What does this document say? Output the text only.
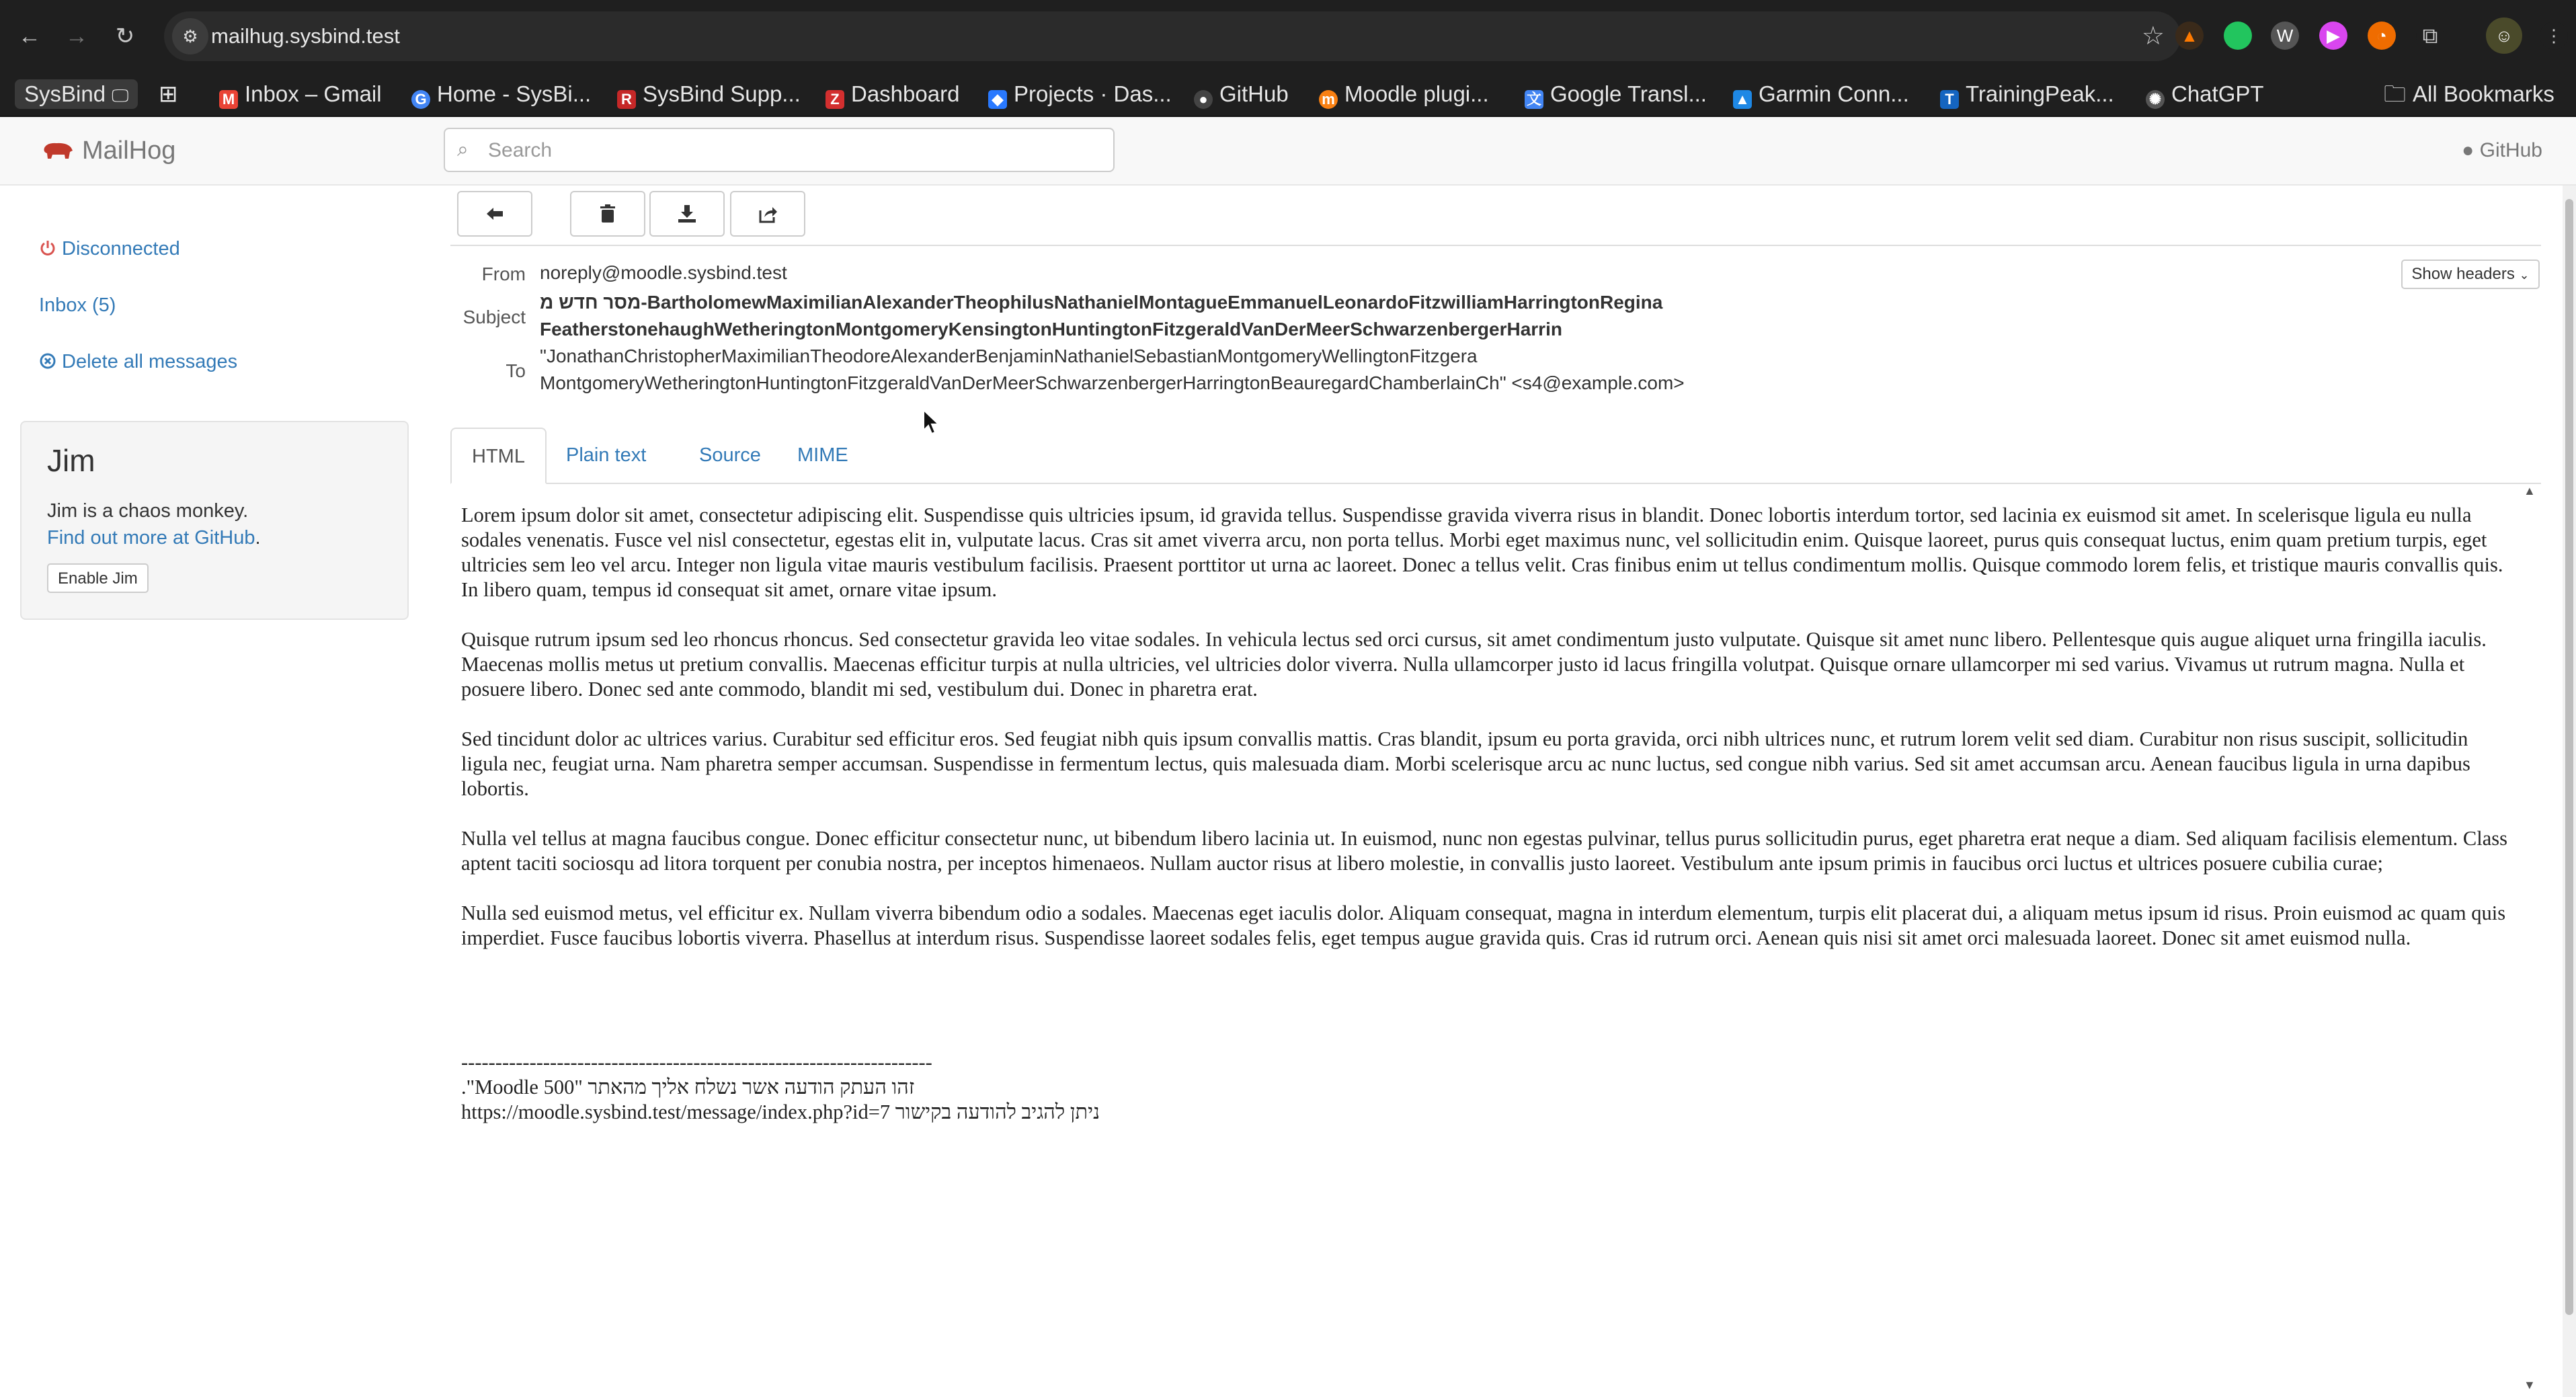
←	→	↻	⚙ mailhug.sysbind.test	☆ ▲	W	▶	◔	⧉	☺	⋮
SysBind 🖵	⊞	M Inbox – Gmail G Home - SysBi... R SysBind Supp...	Z Dashboard ◆ Projects · Das...	● GitHub m Moodle plugi...	文 Google Transl... ▲ Garmin Conn...	T TrainingPeak... ✺ ChatGPT	🗀 All Bookmarks
MailHog	⌕
Search	● GitHub
Disconnected
Inbox (5)
Delete all messages
Jim
Jim is a chaos monkey.
Find out more at GitHub.
Enable Jim
From noreply@moodle.sysbind.test
Subject
מסר חדש מ-BartholomewMaximilianAlexanderTheophilusNathanielMontagueEmmanuelLeonardoFitzwilliamHarringtonRegina
FeatherstonehaughWetheringtonMontgomeryKensingtonHuntingtonFitzgeraldVanDerMeerSchwarzenbergerHarrin
To
"JonathanChristopherMaximilianTheodoreAlexanderBenjaminNathanielSebastianMontgomeryWellingtonFitzgera
MontgomeryWetheringtonHuntingtonFitzgeraldVanDerMeerSchwarzenbergerHarringtonBeauregardChamberlainCh" <s4@example.com>
Show headers ⌄
HTML	Plain text	Source	MIME

Lorem ipsum dolor sit amet, consectetur adipiscing elit. Suspendisse quis ultricies ipsum, id gravida tellus. Suspendisse gravida viverra risus in blandit. Donec lobortis interdum tortor, sed lacinia ex euismod sit amet. In scelerisque ligula eu nulla sodales venenatis. Fusce vel nisl consectetur, egestas elit in, vulputate lacus. Cras sit amet viverra arcu, non porta tellus. Morbi eget maximus nunc, vel sollicitudin enim. Quisque laoreet, purus quis consequat luctus, enim quam pretium turpis, eget ultricies sem leo vel arcu. Integer non ligula vitae mauris vestibulum facilisis. Praesent porttitor ut urna ac laoreet. Donec a tellus velit. Cras finibus enim ut tellus condimentum mollis. Quisque commodo lorem felis, et tristique mauris convallis quis. In libero quam, tempus id consequat sit amet, ornare vitae ipsum.

Quisque rutrum ipsum sed leo rhoncus rhoncus. Sed consectetur gravida leo vitae sodales. In vehicula lectus sed orci cursus, sit amet condimentum justo vulputate. Quisque sit amet nunc libero. Pellentesque quis augue aliquet urna fringilla iaculis. Maecenas mollis metus ut pretium convallis. Maecenas efficitur turpis at nulla ultricies, vel ultricies dolor viverra. Nulla ullamcorper justo id lacus fringilla volutpat. Quisque ornare ullamcorper mi sed varius. Vivamus ut rutrum magna. Nulla et posuere libero. Donec sed ante commodo, blandit mi sed, vestibulum dui. Donec in pharetra erat.

Sed tincidunt dolor ac ultrices varius. Curabitur sed efficitur eros. Sed feugiat nibh quis ipsum convallis mattis. Cras blandit, ipsum eu porta gravida, orci nibh ultrices nunc, et rutrum lorem velit sed diam. Curabitur non risus suscipit, sollicitudin ligula nec, feugiat urna. Nam pharetra semper accumsan. Suspendisse in fermentum lectus, quis malesuada diam. Morbi scelerisque arcu ac nunc luctus, sed congue nibh varius. Sed sit amet accumsan arcu. Aenean faucibus ligula in urna dapibus lobortis.

Nulla vel tellus at magna faucibus congue. Donec efficitur consectetur nunc, ut bibendum libero lacinia ut. In euismod, nunc non egestas pulvinar, tellus purus sollicitudin purus, eget pharetra erat neque a diam. Sed aliquam facilisis elementum. Class aptent taciti sociosqu ad litora torquent per conubia nostra, per inceptos himenaeos. Nullam auctor risus at libero molestie, in convallis justo laoreet. Vestibulum ante ipsum primis in faucibus orci luctus et ultrices posuere cubilia curae;

Nulla sed euismod metus, vel efficitur ex. Nullam viverra bibendum odio a sodales. Maecenas eget iaculis dolor. Aliquam consequat, magna in interdum elementum, turpis elit placerat dui, a aliquam metus ipsum id risus. Proin euismod ac quam quis imperdiet. Fusce faucibus lobortis viverra. Phasellus at interdum risus. Suspendisse laoreet sodales felis, eget tempus augue gravida quis. Cras id rutrum orci. Aenean quis nisi sit amet orci malesuada laoreet. Donec sit amet euismod nulla.

---------------------------------------------------------------------
זהו העתק הודעה אשר נשלח אליך מהאתר "Moodle 500".
ניתן להגיב להודעה בקישור https://moodle.sysbind.test/message/index.php?id=7
▲
▼
